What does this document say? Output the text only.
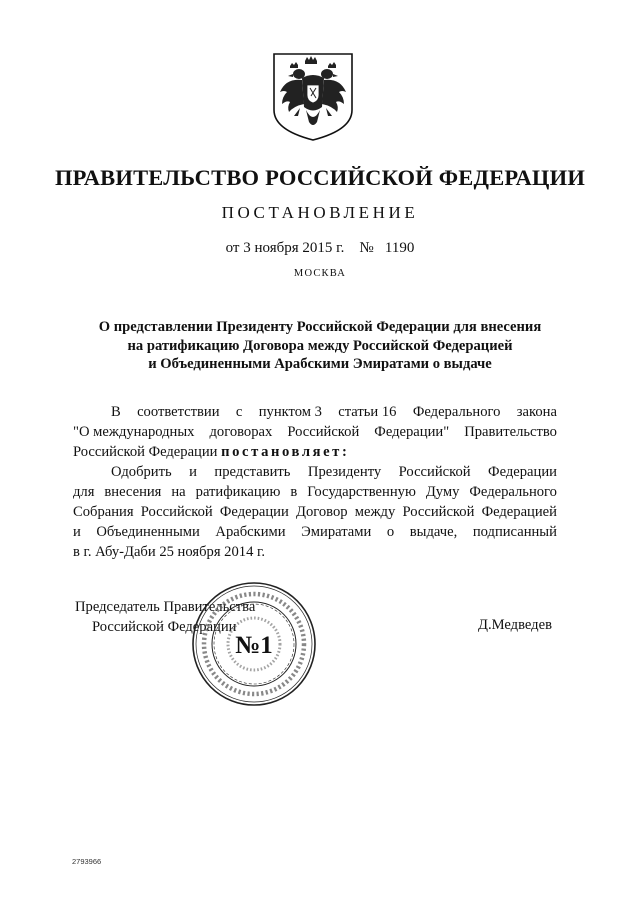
ПРАВИТЕЛЬСТВО РОССИЙСКОЙ ФЕДЕРАЦИИ
ПОСТАНОВЛЕНИЕ
от 3 ноября 2015 г. № 1190
МОСКВА
О представлении Президенту Российской Федерации для внесения
на ратификацию Договора между Российской Федерацией
и Объединенными Арабскими Эмиратами о выдаче
В соответствии с пунктом 3 статьи 16 Федерального закона
"О международных договорах Российской Федерации" Правительство
Российской Федерации постановляет:
Одобрить и представить Президенту Российской Федерации
для внесения на ратификацию в Государственную Думу Федерального
Собрания Российской Федерации Договор между Российской Федерацией
и Объединенными Арабскими Эмиратами о выдаче, подписанный
в г. Абу-Даби 25 ноября 2014 г.
Председатель Правительства
Российской Федерации	Д.Медведев
№1
2793966
